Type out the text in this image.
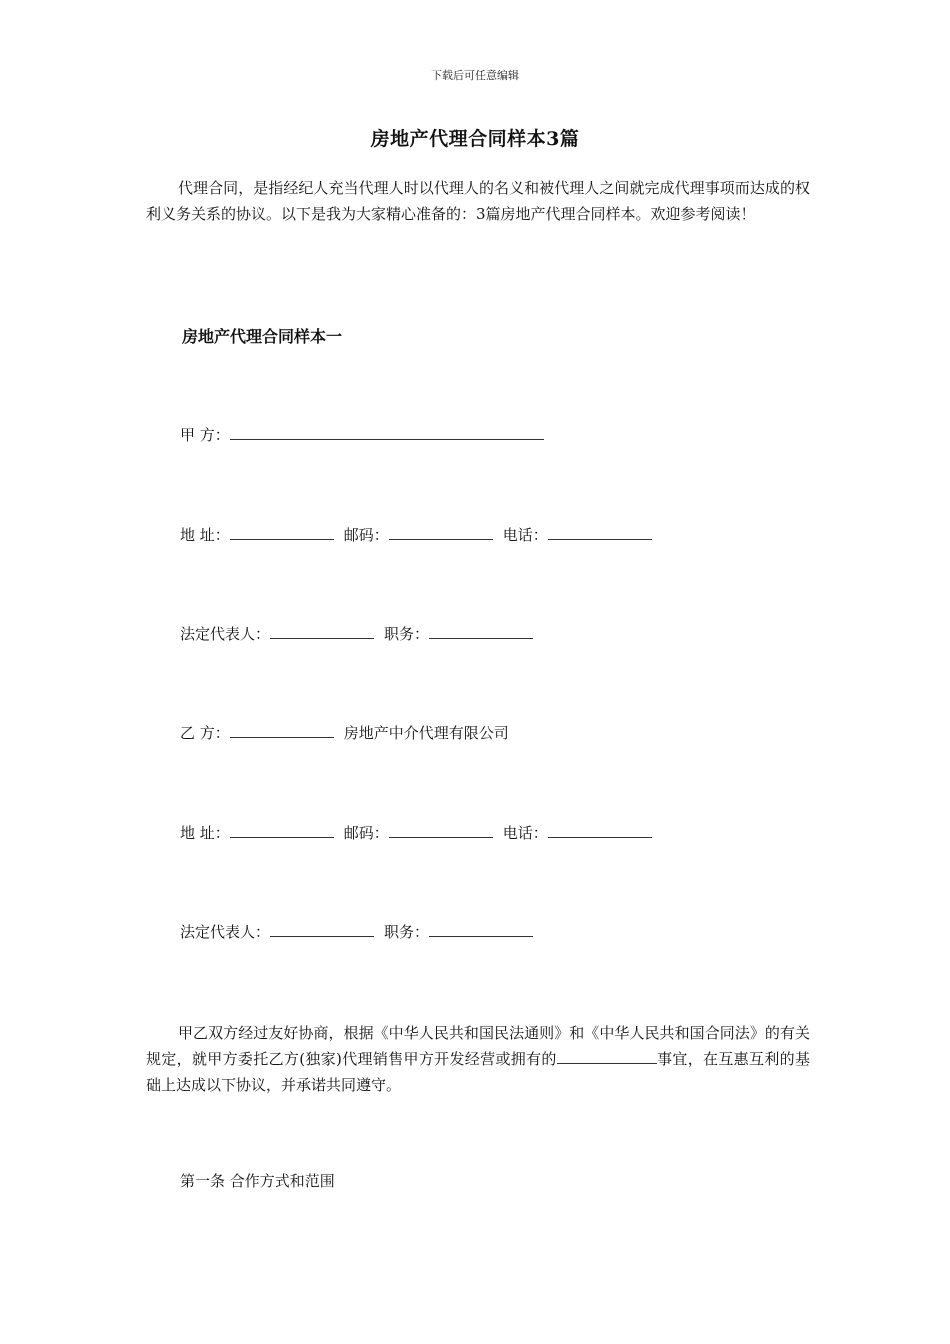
下载后可任意编辑
房地产代理合同样本3篇
代理合同，是指经纪人充当代理人时以代理人的名义和被代理人之间就完成代理事项而达成的权利义务关系的协议。以下是我为大家精心准备的：3篇房地产代理合同样本。欢迎参考阅读！
房地产代理合同样本一
甲 方：
地 址：	邮码：	电话：
法定代表人：	职务：
乙 方：	房地产中介代理有限公司
地 址：	邮码：	电话：
法定代表人：	职务：
甲乙双方经过友好协商，根据《中华人民共和国民法通则》和《中华人民共和国合同法》的有关规定，就甲方委托乙方(独家)代理销售甲方开发经营或拥有的	事宜，在互惠互利的基础上达成以下协议，并承诺共同遵守。
第一条 合作方式和范围
